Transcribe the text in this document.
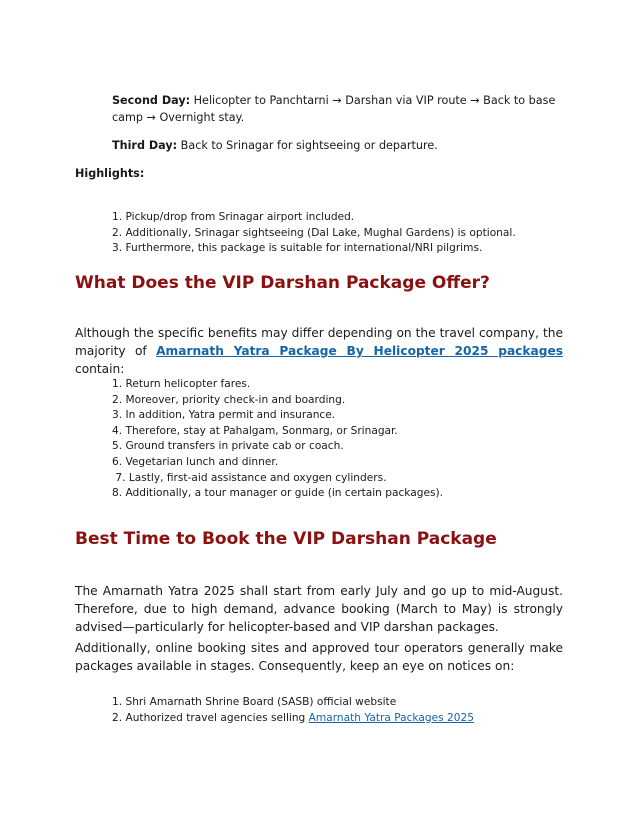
Second Day: Helicopter to Panchtarni → Darshan via VIP route → Back to base camp → Overnight stay.

Third Day: Back to Srinagar for sightseeing or departure.

Highlights:

1. Pickup/drop from Srinagar airport included.
2. Additionally, Srinagar sightseeing (Dal Lake, Mughal Gardens) is optional.
3. Furthermore, this package is suitable for international/NRI pilgrims.
What Does the VIP Darshan Package Offer?

Although the specific benefits may differ depending on the travel company, the majority of Amarnath Yatra Package By Helicopter 2025 packages contain:

1. Return helicopter fares.
2. Moreover, priority check-in and boarding.
3. In addition, Yatra permit and insurance.
4. Therefore, stay at Pahalgam, Sonmarg, or Srinagar.
5. Ground transfers in private cab or coach.
6. Vegetarian lunch and dinner.
7. Lastly, first-aid assistance and oxygen cylinders.
8. Additionally, a tour manager or guide (in certain packages).
Best Time to Book the VIP Darshan Package

The Amarnath Yatra 2025 shall start from early July and go up to mid-August. Therefore, due to high demand, advance booking (March to May) is strongly advised—particularly for helicopter-based and VIP darshan packages.

Additionally, online booking sites and approved tour operators generally make packages available in stages. Consequently, keep an eye on notices on:

1. Shri Amarnath Shrine Board (SASB) official website
2. Authorized travel agencies selling Amarnath Yatra Packages 2025
